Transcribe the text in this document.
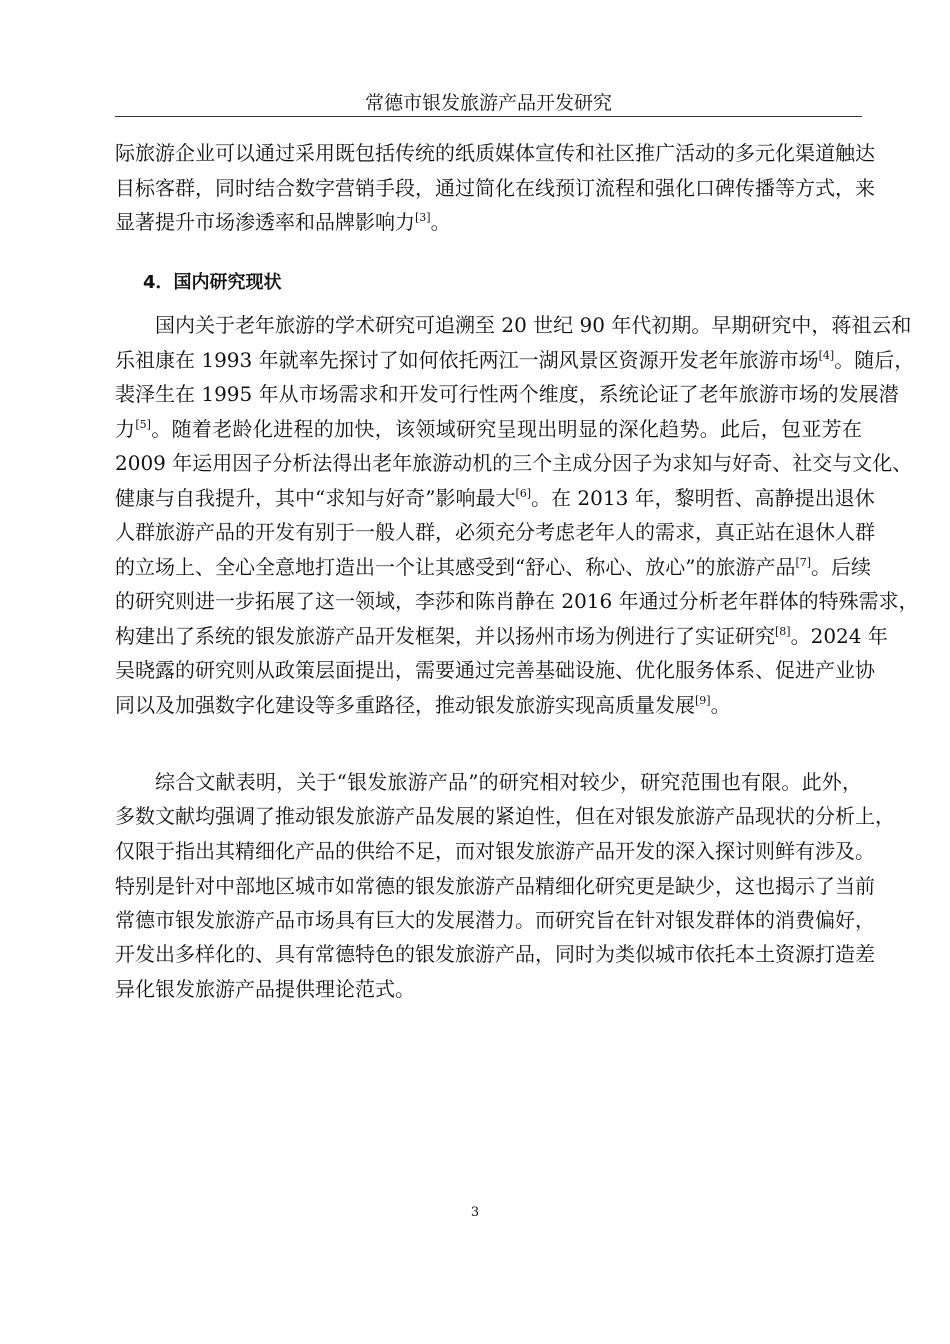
常德市银发旅游产品开发研究
4．国内研究现状
际旅游企业可以通过采用既包括传统的纸质媒体宣传和社区推广活动的多元化渠道触达
目标客群，同时结合数字营销手段，通过简化在线预订流程和强化口碑传播等方式，来
显著提升市场渗透率和品牌影响力[3]。
国内关于老年旅游的学术研究可追溯至 20 世纪 90 年代初期。早期研究中，蒋祖云和
乐祖康在 1993 年就率先探讨了如何依托两江一湖风景区资源开发老年旅游市场[4]。随后，
裴泽生在 1995 年从市场需求和开发可行性两个维度，系统论证了老年旅游市场的发展潜
力[5]。随着老龄化进程的加快，该领域研究呈现出明显的深化趋势。此后，包亚芳在
2009 年运用因子分析法得出老年旅游动机的三个主成分因子为求知与好奇、社交与文化、
健康与自我提升，其中“求知与好奇”影响最大[6]。在 2013 年，黎明哲、高静提出退休
人群旅游产品的开发有别于一般人群，必须充分考虑老年人的需求，真正站在退休人群
的立场上、全心全意地打造出一个让其感受到“舒心、称心、放心”的旅游产品[7]。后续
的研究则进一步拓展了这一领域，李莎和陈肖静在 2016 年通过分析老年群体的特殊需求，
构建出了系统的银发旅游产品开发框架，并以扬州市场为例进行了实证研究[8]。2024 年
吴晓露的研究则从政策层面提出，需要通过完善基础设施、优化服务体系、促进产业协
同以及加强数字化建设等多重路径，推动银发旅游实现高质量发展[9]。
综合文献表明，关于“银发旅游产品”的研究相对较少，研究范围也有限。此外，
多数文献均强调了推动银发旅游产品发展的紧迫性，但在对银发旅游产品现状的分析上，
仅限于指出其精细化产品的供给不足，而对银发旅游产品开发的深入探讨则鲜有涉及。
特别是针对中部地区城市如常德的银发旅游产品精细化研究更是缺少，这也揭示了当前
常德市银发旅游产品市场具有巨大的发展潜力。而研究旨在针对银发群体的消费偏好，
开发出多样化的、具有常德特色的银发旅游产品，同时为类似城市依托本土资源打造差
异化银发旅游产品提供理论范式。
3
